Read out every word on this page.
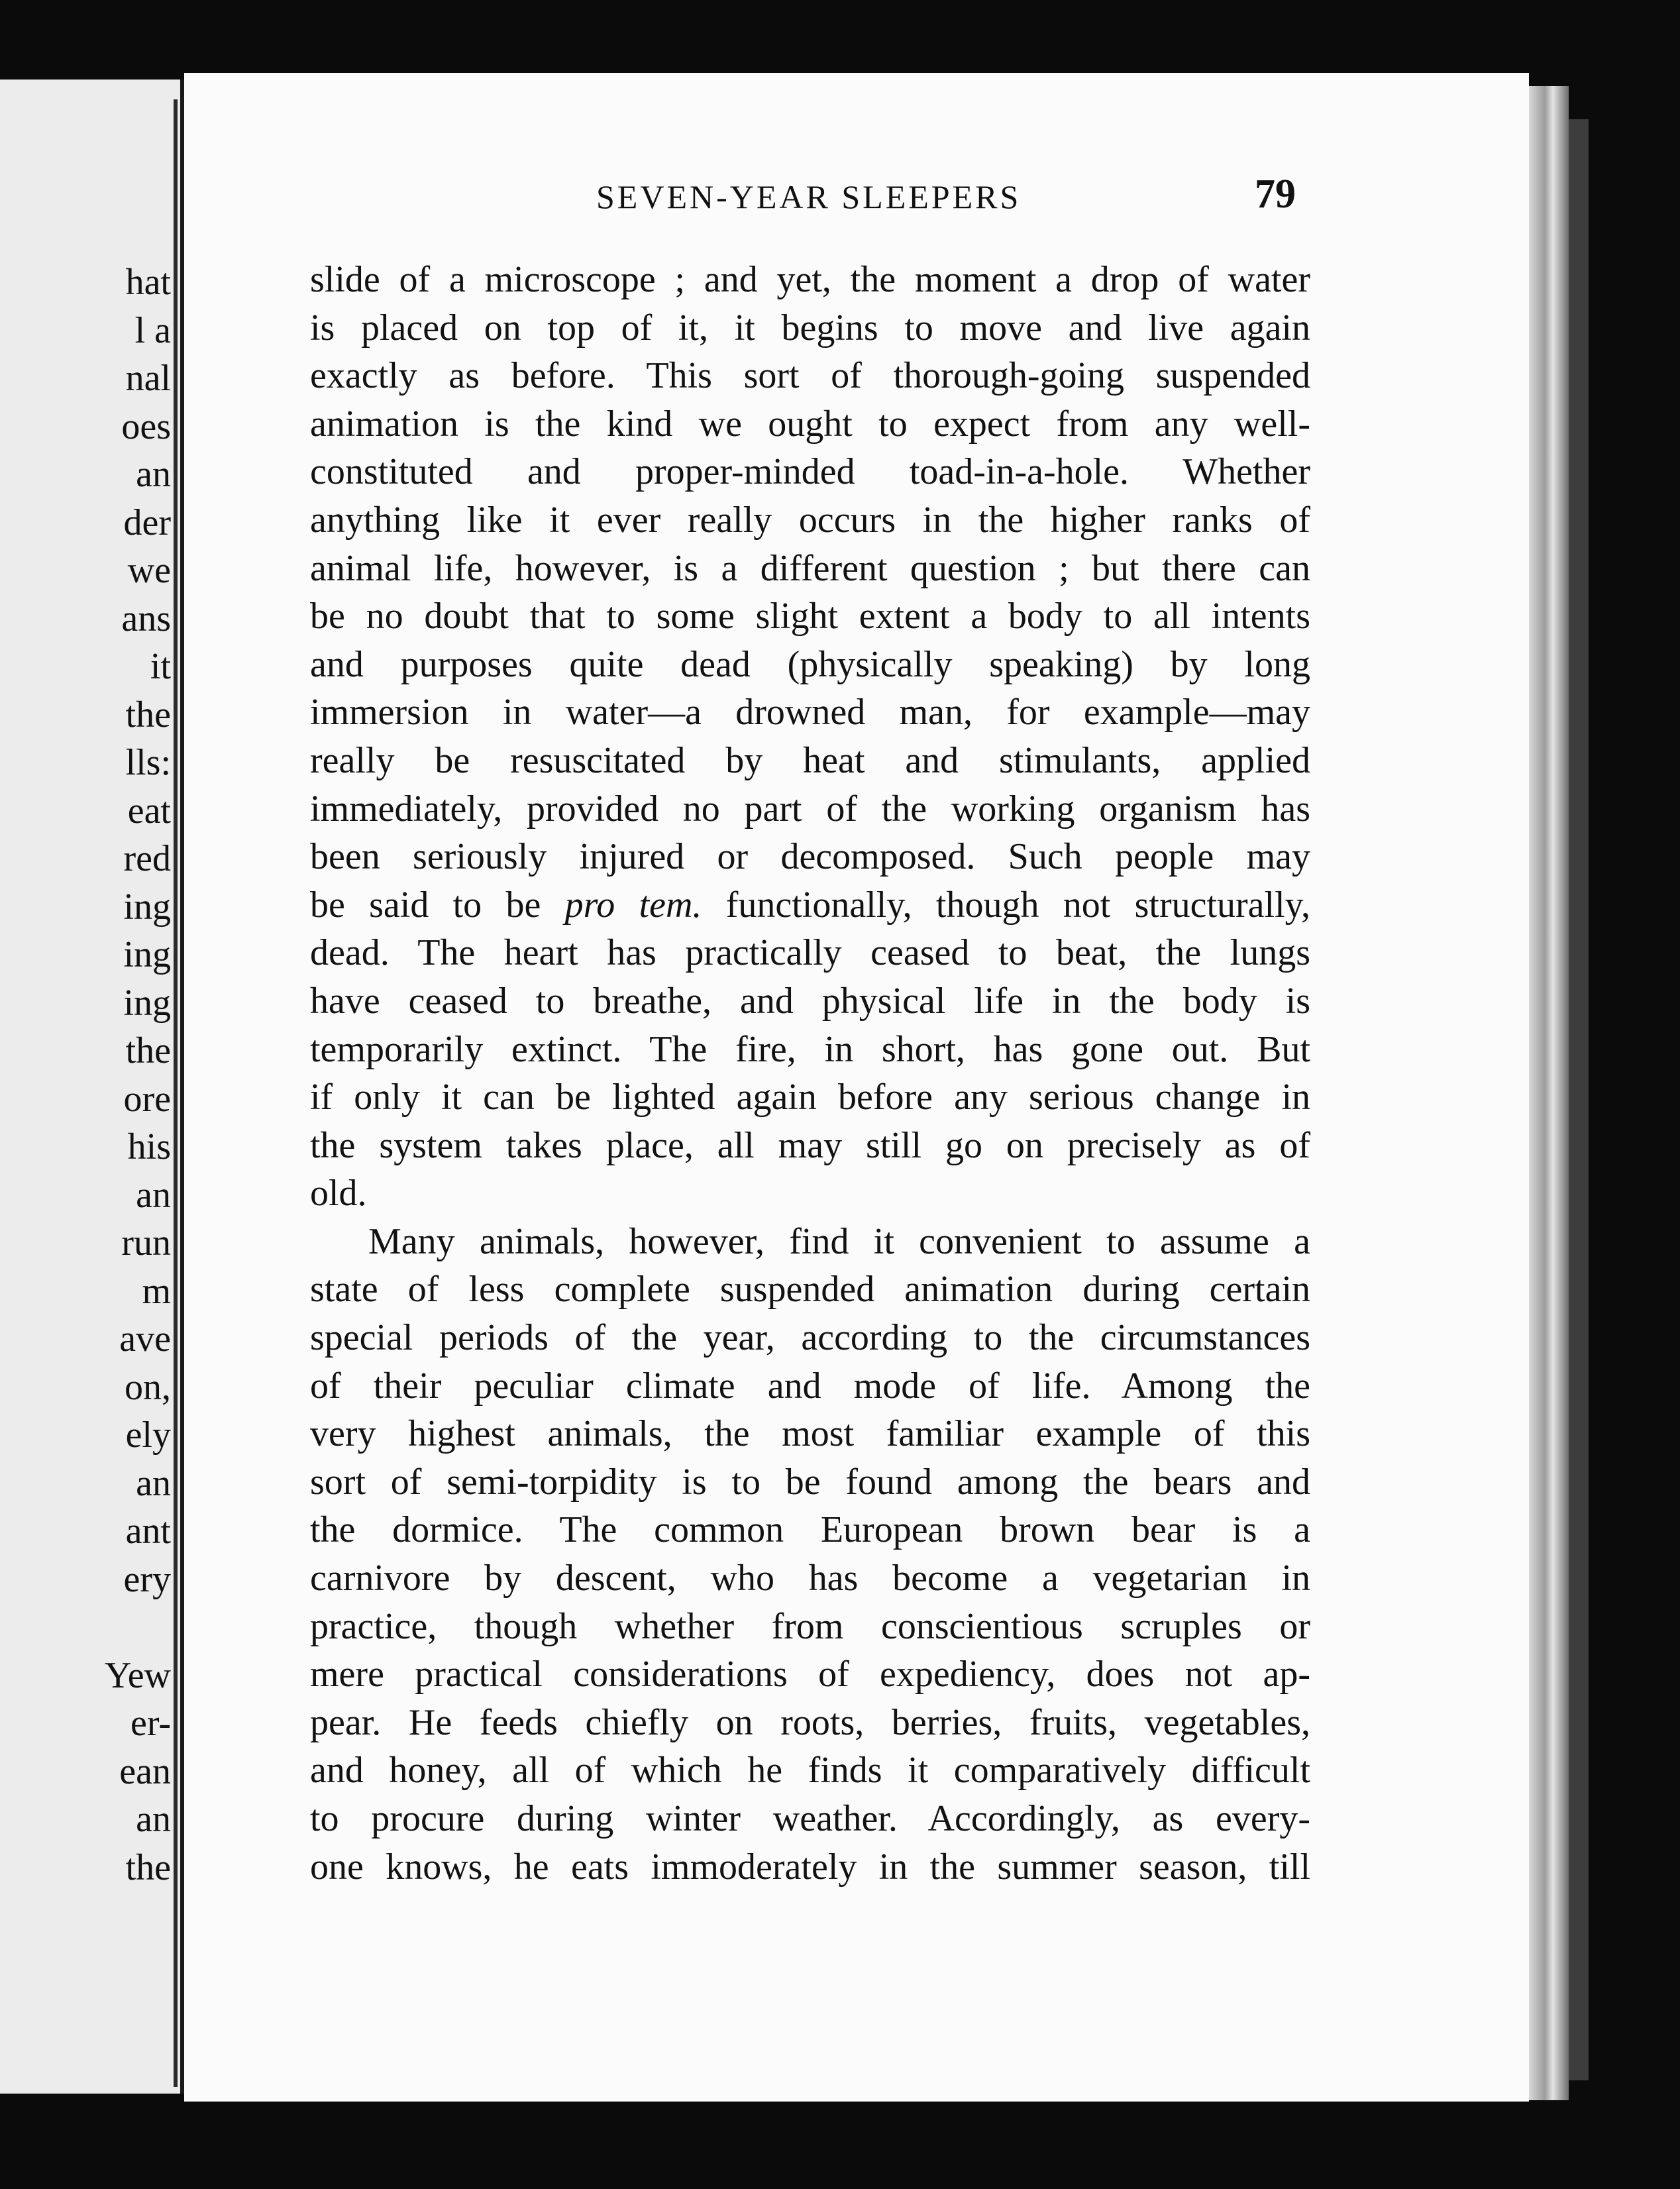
hat
l a
nal
oes
an
der
we
ans
it
the
lls:
eat
red
ing
ing
ing
the
ore
his
an
run
m
ave
on,
ely
an
ant
ery
Yew
er-
ean
an
the
SEVEN-YEAR SLEEPERS	79
slide of a microscope ; and yet, the moment a drop of water
is placed on top of it, it begins to move and live again
exactly as before. This sort of thorough-going suspended
animation is the kind we ought to expect from any well-
constituted and proper-minded toad-in-a-hole. Whether
anything like it ever really occurs in the higher ranks of
animal life, however, is a different question ; but there can
be no doubt that to some slight extent a body to all intents
and purposes quite dead (physically speaking) by long
immersion in water—a drowned man, for example—may
really be resuscitated by heat and stimulants, applied
immediately, provided no part of the working organism has
been seriously injured or decomposed. Such people may
be said to be pro tem. functionally, though not structurally,
dead. The heart has practically ceased to beat, the lungs
have ceased to breathe, and physical life in the body is
temporarily extinct. The fire, in short, has gone out. But
if only it can be lighted again before any serious change in
the system takes place, all may still go on precisely as of
old.
Many animals, however, find it convenient to assume a
state of less complete suspended animation during certain
special periods of the year, according to the circumstances
of their peculiar climate and mode of life. Among the
very highest animals, the most familiar example of this
sort of semi-torpidity is to be found among the bears and
the dormice. The common European brown bear is a
carnivore by descent, who has become a vegetarian in
practice, though whether from conscientious scruples or
mere practical considerations of expediency, does not ap-
pear. He feeds chiefly on roots, berries, fruits, vegetables,
and honey, all of which he finds it comparatively difficult
to procure during winter weather. Accordingly, as every-
one knows, he eats immoderately in the summer season, till
